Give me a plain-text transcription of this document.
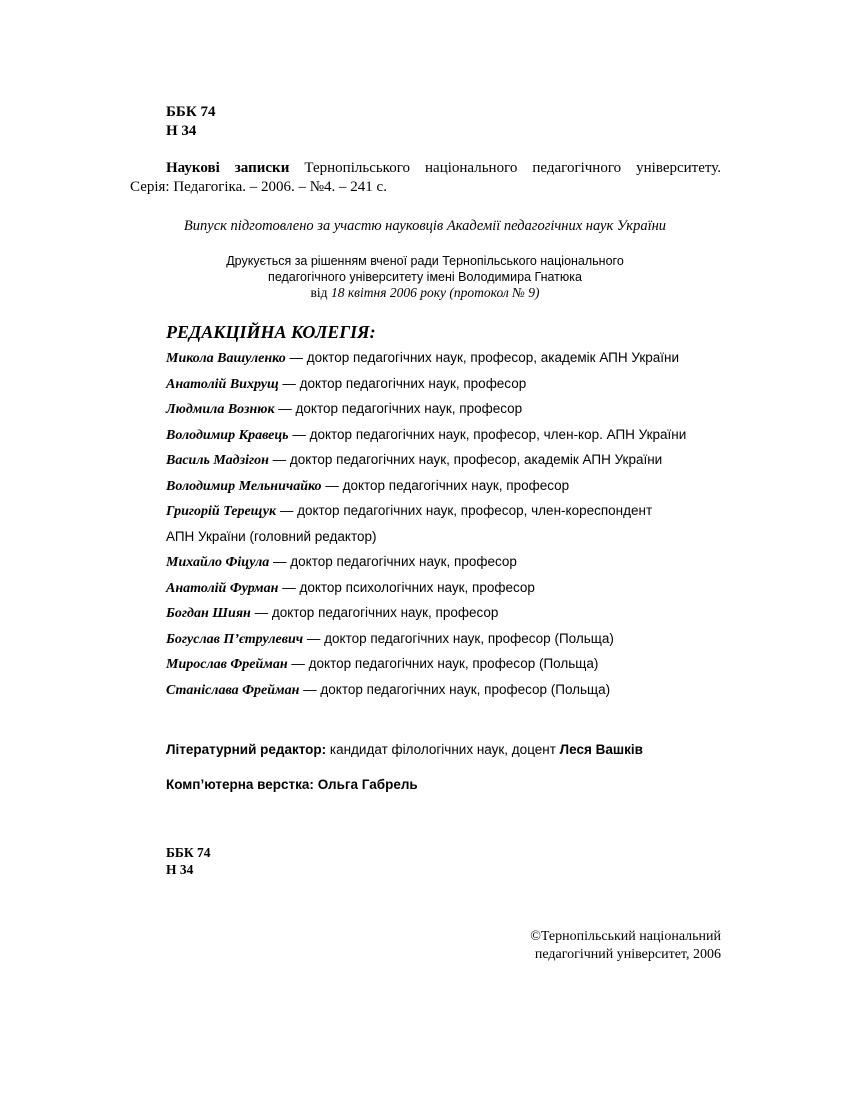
ББК 74
Н 34
Наукові записки Тернопільського національного педагогічного університету.
Серія: Педагогіка. – 2006. – №4. – 241 с.
Випуск підготовлено за участю науковців Академії педагогічних наук України
Друкується за рішенням вченої ради Тернопільського національного
педагогічного університету імені Володимира Гнатюка
від 18 квітня 2006 року (протокол № 9)
РЕДАКЦІЙНА КОЛЕГІЯ:
Микола Вашуленко — доктор педагогічних наук, професор, академік АПН України
Анатолій Вихрущ — доктор педагогічних наук, професор
Людмила Вознюк — доктор педагогічних наук, професор
Володимир Кравець — доктор педагогічних наук, професор, член-кор. АПН України
Василь Мадзігон — доктор педагогічних наук, професор, академік АПН України
Володимир Мельничайко — доктор педагогічних наук, професор
Григорій Терещук — доктор педагогічних наук, професор, член-кореспондент
АПН України (головний редактор)
Михайло Фіцула — доктор педагогічних наук, професор
Анатолій Фурман — доктор психологічних наук, професор
Богдан Шиян — доктор педагогічних наук, професор
Богуслав П’єтрулевич — доктор педагогічних наук, професор (Польща)
Мирослав Фрейман — доктор педагогічних наук, професор (Польща)
Станіслава Фрейман — доктор педагогічних наук, професор (Польща)
Літературний редактор: кандидат філологічних наук, доцент Леся Вашків
Комп’ютерна верстка: Ольга Габрель
ББК 74
Н 34
©Тернопільський національний
педагогічний університет, 2006
